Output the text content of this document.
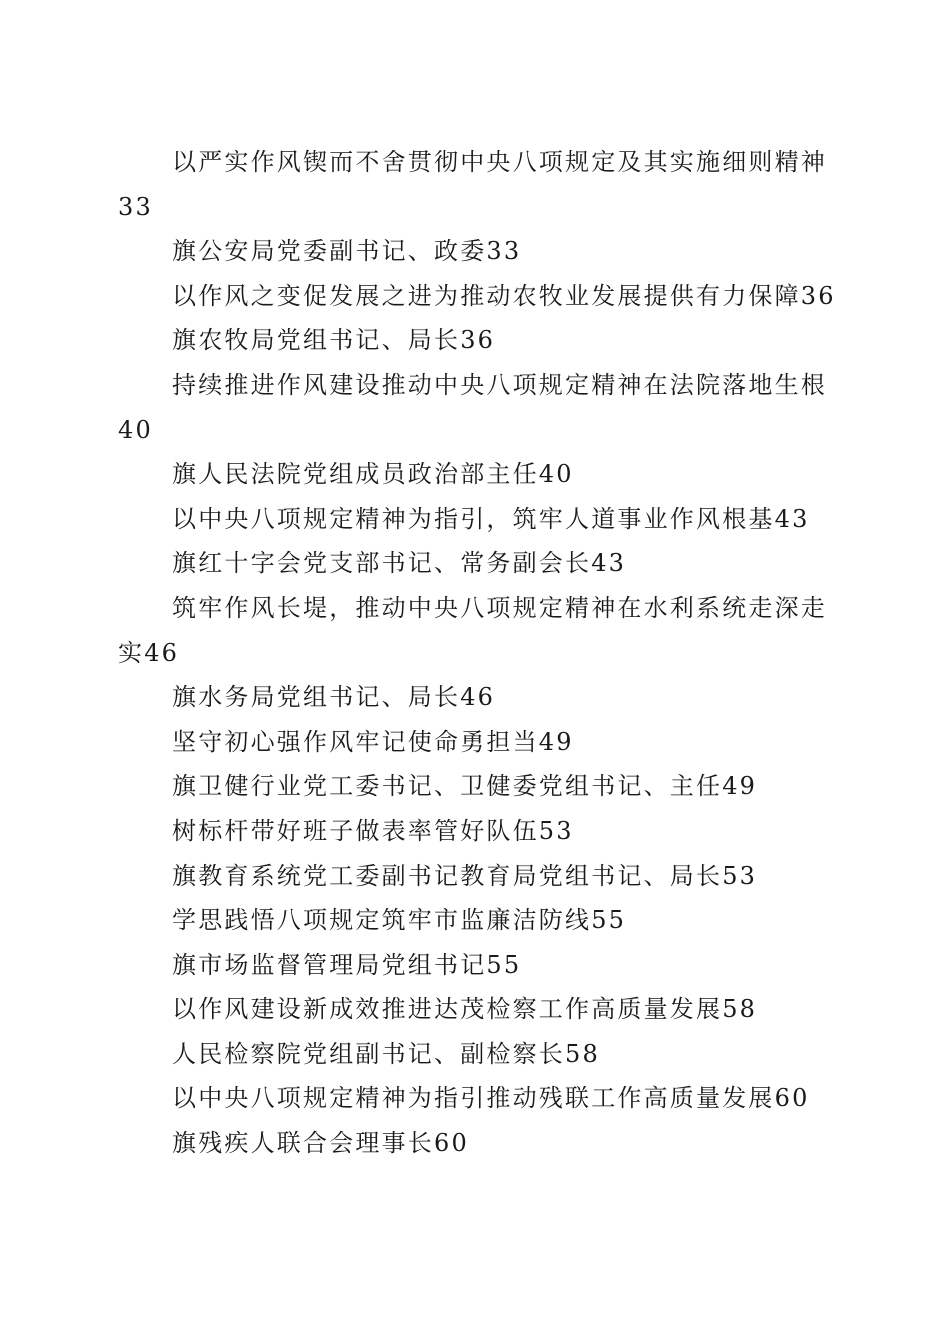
以严实作风锲而不舍贯彻中央八项规定及其实施细则精神
33
旗公安局党委副书记、政委33
以作风之变促发展之进为推动农牧业发展提供有力保障36
旗农牧局党组书记、局长36
持续推进作风建设推动中央八项规定精神在法院落地生根
40
旗人民法院党组成员政治部主任40
以中央八项规定精神为指引，筑牢人道事业作风根基43
旗红十字会党支部书记、常务副会长43
筑牢作风长堤，推动中央八项规定精神在水利系统走深走
实46
旗水务局党组书记、局长46
坚守初心强作风牢记使命勇担当49
旗卫健行业党工委书记、卫健委党组书记、主任49
树标杆带好班子做表率管好队伍53
旗教育系统党工委副书记教育局党组书记、局长53
学思践悟八项规定筑牢市监廉洁防线55
旗市场监督管理局党组书记55
以作风建设新成效推进达茂检察工作高质量发展58
人民检察院党组副书记、副检察长58
以中央八项规定精神为指引推动残联工作高质量发展60
旗残疾人联合会理事长60
